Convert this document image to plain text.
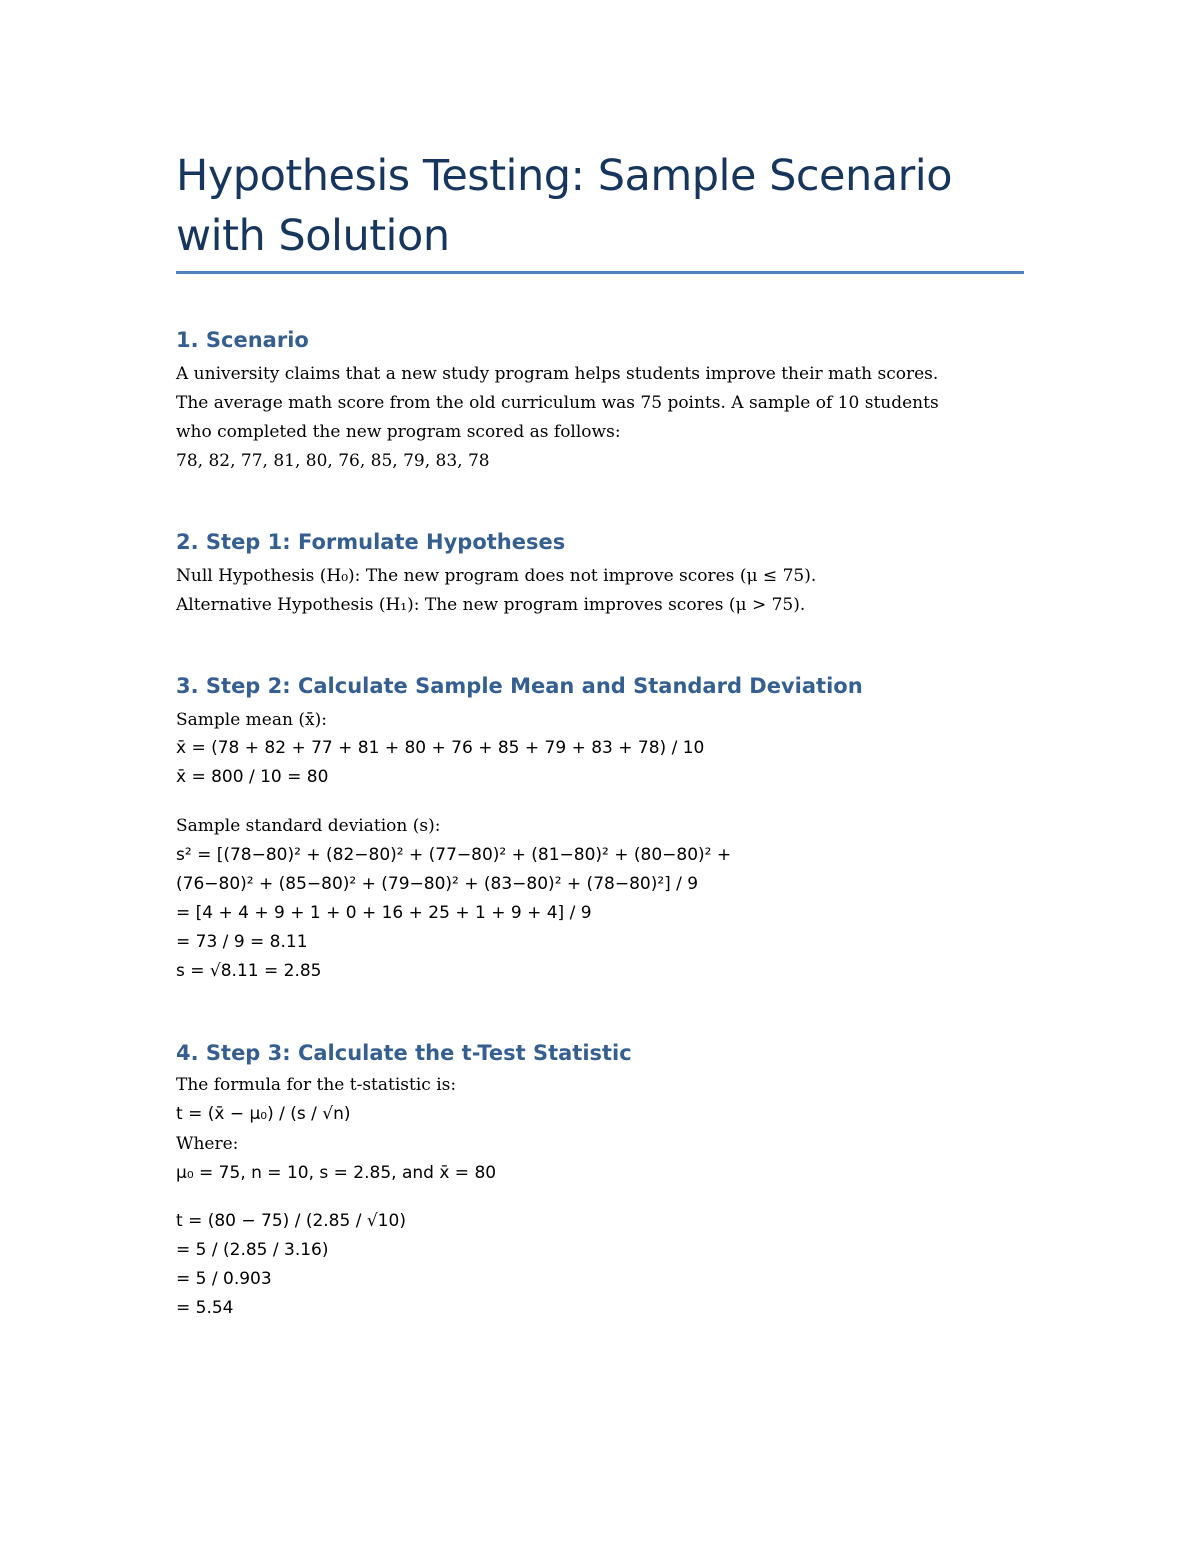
Hypothesis Testing: Sample Scenario with Solution
1. Scenario
A university claims that a new study program helps students improve their math scores.
The average math score from the old curriculum was 75 points. A sample of 10 students
who completed the new program scored as follows:
78, 82, 77, 81, 80, 76, 85, 79, 83, 78
2. Step 1: Formulate Hypotheses
Null Hypothesis (H₀): The new program does not improve scores (μ ≤ 75).
Alternative Hypothesis (H₁): The new program improves scores (μ > 75).
3. Step 2: Calculate Sample Mean and Standard Deviation
Sample mean (x̄):
x̄ = (78 + 82 + 77 + 81 + 80 + 76 + 85 + 79 + 83 + 78) / 10
x̄ = 800 / 10 = 80
Sample standard deviation (s):
s² = [(78−80)² + (82−80)² + (77−80)² + (81−80)² + (80−80)² +
(76−80)² + (85−80)² + (79−80)² + (83−80)² + (78−80)²] / 9
= [4 + 4 + 9 + 1 + 0 + 16 + 25 + 1 + 9 + 4] / 9
= 73 / 9 = 8.11
s = √8.11 = 2.85
4. Step 3: Calculate the t-Test Statistic
The formula for the t-statistic is:
t = (x̄ − μ₀) / (s / √n)
Where:
μ₀ = 75, n = 10, s = 2.85, and x̄ = 80
t = (80 − 75) / (2.85 / √10)
= 5 / (2.85 / 3.16)
= 5 / 0.903
= 5.54
